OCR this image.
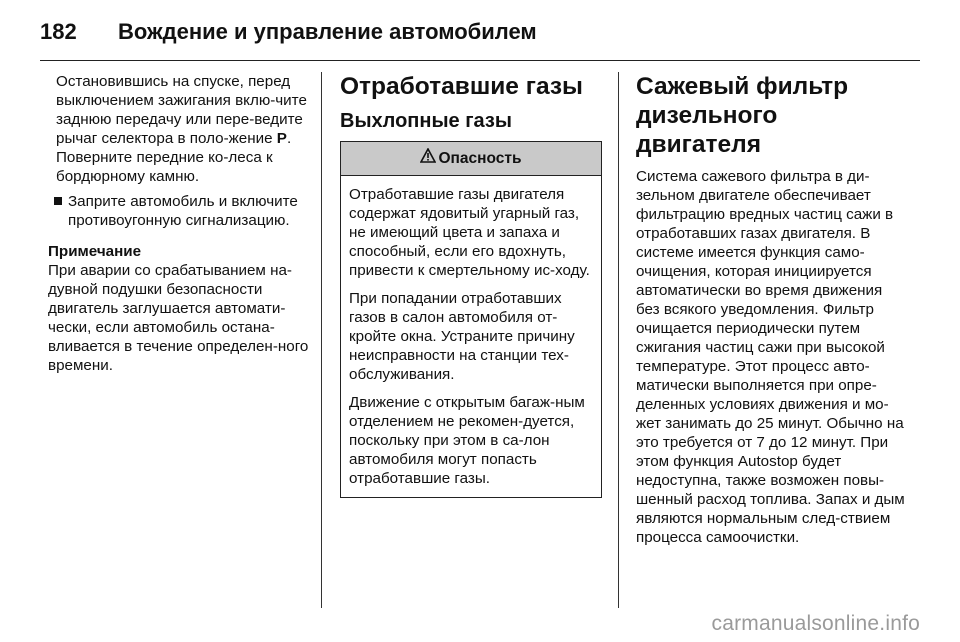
182 Вождение и управление автомобилем

Остановившись на спуске, перед выключением зажигания вклю-чите заднюю передачу или пере-ведите рычаг селектора в поло-жение P. Поверните передние ко-леса к бордюрному камню.

Заприте автомобиль и включите противоугонную сигнализацию.

Примечание

При аварии со срабатыванием на-дувной подушки безопасности двигатель заглушается автомати-чески, если автомобиль остана-вливается в течение определен-ного времени.

Отработавшие газы
Выхлопные газы
Опасность

Отработавшие газы двигателя содержат ядовитый угарный газ, не имеющий цвета и запаха и способный, если его вдохнуть, привести к смертельному ис-ходу.

При попадании отработавших газов в салон автомобиля от-кройте окна. Устраните причину неисправности на станции тех-обслуживания.

Движение с открытым багаж-ным отделением не рекомен-дуется, поскольку при этом в са-лон автомобиля могут попасть отработавшие газы.

Сажевый фильтр дизельного двигателя

Система сажевого фильтра в ди-зельном двигателе обеспечивает фильтрацию вредных частиц сажи в отработавших газах двигателя. В системе имеется функция само-очищения, которая инициируется автоматически во время движения без всякого уведомления. Фильтр очищается периодически путем сжигания частиц сажи при высокой температуре. Этот процесс авто-матически выполняется при опре-деленных условиях движения и мо-жет занимать до 25 минут. Обычно на это требуется от 7 до 12 минут. При этом функция Autostop будет недоступна, также возможен повы-шенный расход топлива. Запах и дым являются нормальным след-ствием процесса самоочистки.

carmanualsonline.info
